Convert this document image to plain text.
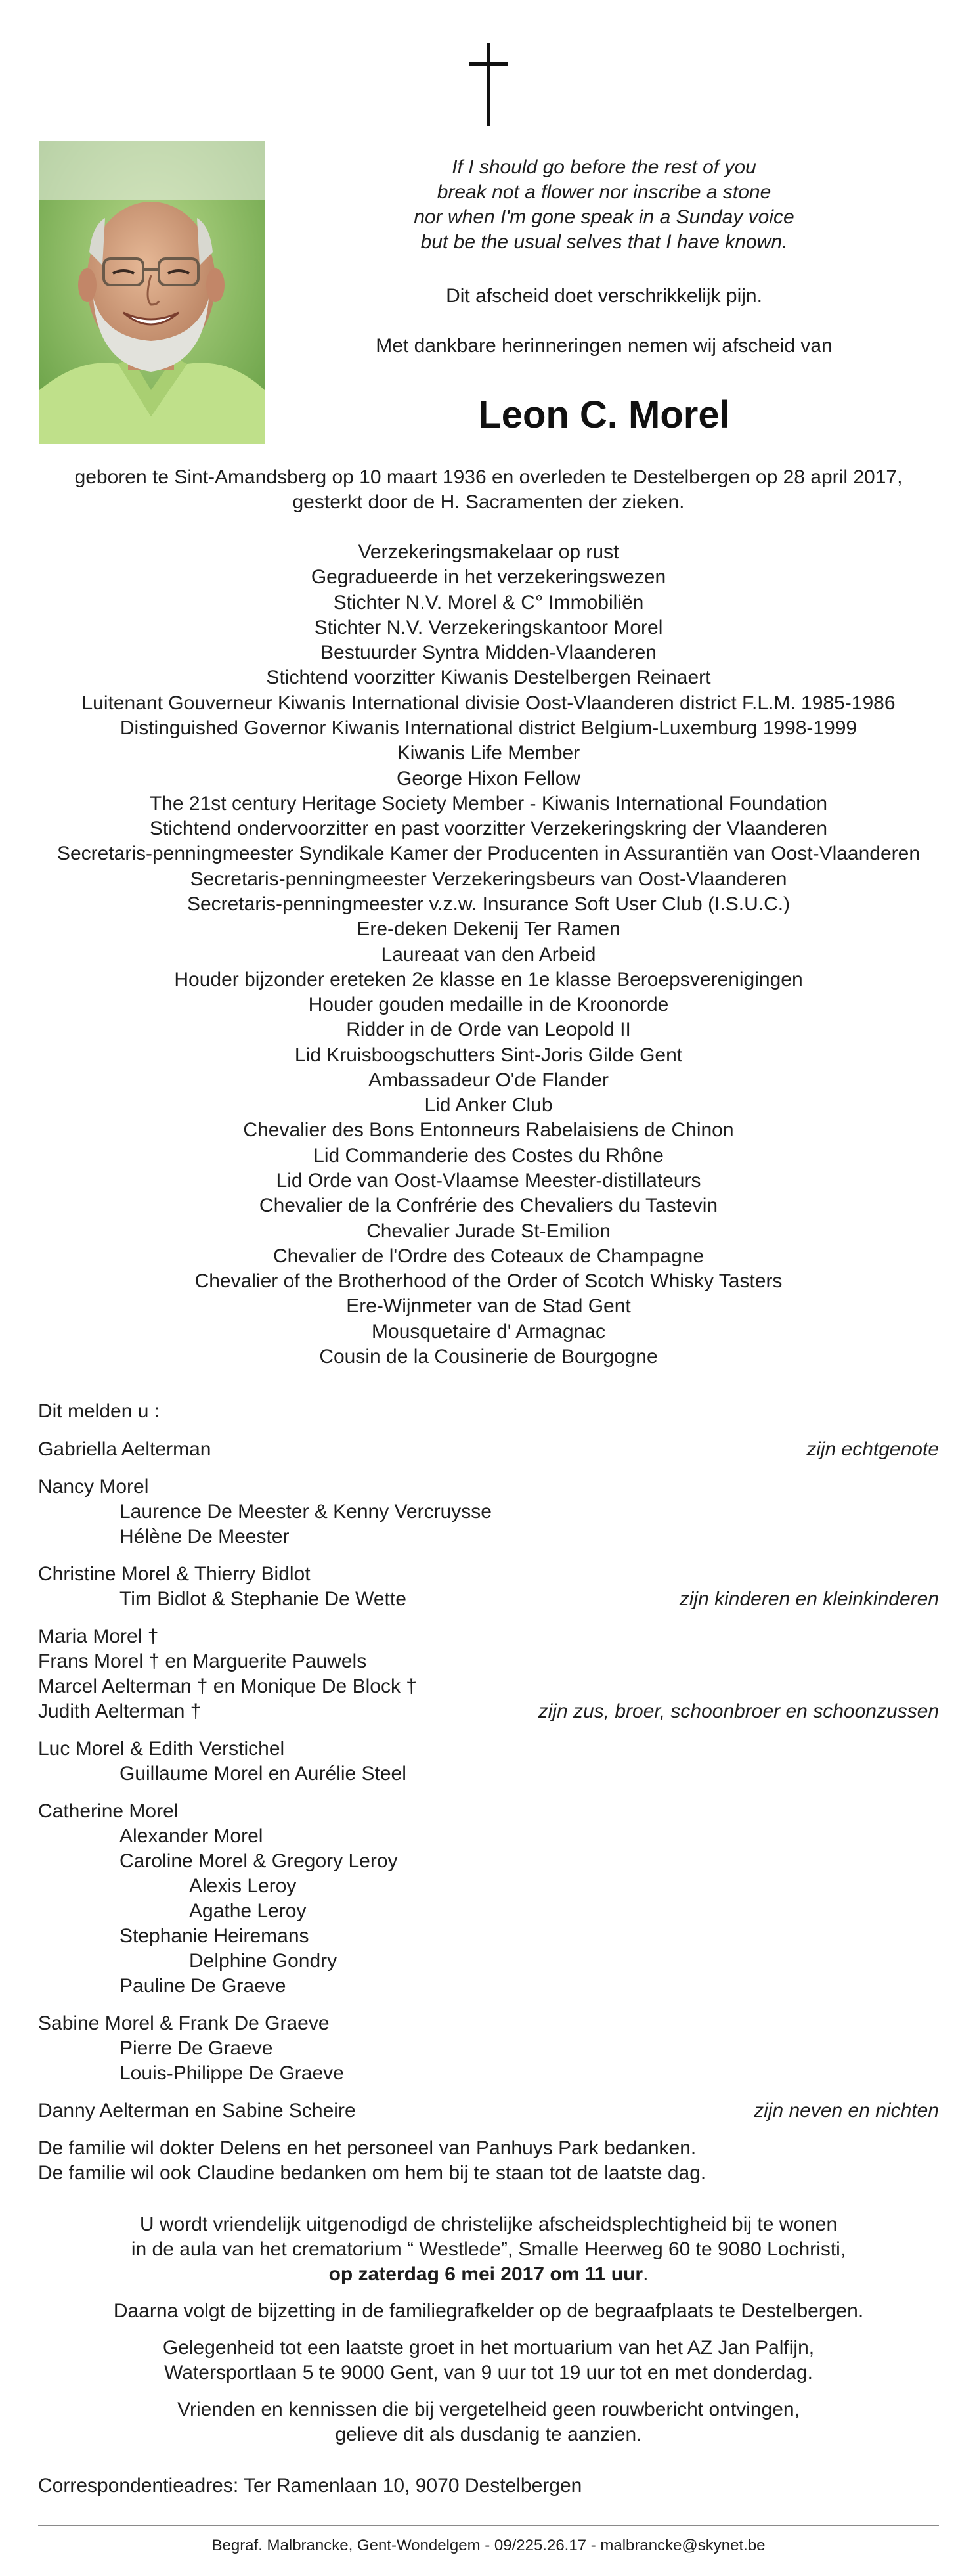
If I should go before the rest of you
break not a flower nor inscribe a stone
nor when I'm gone speak in a Sunday voice
but be the usual selves that I have known.
Dit afscheid doet verschrikkelijk pijn.
Met dankbare herinneringen nemen wij afscheid van
Leon C. Morel
geboren te Sint-Amandsberg op 10 maart 1936 en overleden te Destelbergen op 28 april 2017,
gesterkt door de H. Sacramenten der zieken.
Verzekeringsmakelaar op rust
Gegradueerde in het verzekeringswezen
Stichter N.V. Morel & C° Immobiliën
Stichter N.V. Verzekeringskantoor Morel
Bestuurder Syntra Midden-Vlaanderen
Stichtend voorzitter Kiwanis Destelbergen Reinaert
Luitenant Gouverneur Kiwanis International divisie Oost-Vlaanderen district F.L.M. 1985-1986
Distinguished Governor Kiwanis International district Belgium-Luxemburg 1998-1999
Kiwanis Life Member
George Hixon Fellow
The 21st century Heritage Society Member - Kiwanis International Foundation
Stichtend ondervoorzitter en past voorzitter Verzekeringskring der Vlaanderen
Secretaris-penningmeester Syndikale Kamer der Producenten in Assurantiën van Oost-Vlaanderen
Secretaris-penningmeester Verzekeringsbeurs van Oost-Vlaanderen
Secretaris-penningmeester v.z.w. Insurance Soft User Club (I.S.U.C.)
Ere-deken Dekenij Ter Ramen
Laureaat van den Arbeid
Houder bijzonder ereteken 2e klasse en 1e klasse Beroepsverenigingen
Houder gouden medaille in de Kroonorde
Ridder in de Orde van Leopold II
Lid Kruisboogschutters Sint-Joris Gilde Gent
Ambassadeur O'de Flander
Lid Anker Club
Chevalier des Bons Entonneurs Rabelaisiens de Chinon
Lid Commanderie des Costes du Rhône
Lid Orde van Oost-Vlaamse Meester-distillateurs
Chevalier de la Confrérie des Chevaliers du Tastevin
Chevalier Jurade St-Emilion
Chevalier de l'Ordre des Coteaux de Champagne
Chevalier of the Brotherhood of the Order of Scotch Whisky Tasters
Ere-Wijnmeter van de Stad Gent
Mousquetaire d' Armagnac
Cousin de la Cousinerie de Bourgogne
Dit melden u :
Gabriella Aelterman	zijn echtgenote
Nancy Morel
Laurence De Meester & Kenny Vercruysse
Hélène De Meester
Christine Morel & Thierry Bidlot
Tim Bidlot & Stephanie De Wette	zijn kinderen en kleinkinderen
Maria Morel †
Frans Morel † en Marguerite Pauwels
Marcel Aelterman † en Monique De Block †
Judith Aelterman †	zijn zus, broer, schoonbroer en schoonzussen
Luc Morel & Edith Verstichel
Guillaume Morel en Aurélie Steel
Catherine Morel
Alexander Morel
Caroline Morel & Gregory Leroy
Alexis Leroy
Agathe Leroy
Stephanie Heiremans
Delphine Gondry
Pauline De Graeve
Sabine Morel & Frank De Graeve
Pierre De Graeve
Louis-Philippe De Graeve
Danny Aelterman en Sabine Scheire	zijn neven en nichten
De familie wil dokter Delens en het personeel van Panhuys Park bedanken.
De familie wil ook Claudine bedanken om hem bij te staan tot de laatste dag.
U wordt vriendelijk uitgenodigd de christelijke afscheidsplechtigheid bij te wonen
in de aula van het crematorium “ Westlede”, Smalle Heerweg 60 te 9080 Lochristi,
op zaterdag 6 mei 2017 om 11 uur.
Daarna volgt de bijzetting in de familiegrafkelder op de begraafplaats te Destelbergen.
Gelegenheid tot een laatste groet in het mortuarium van het AZ Jan Palfijn,
Watersportlaan 5 te 9000 Gent, van 9 uur tot 19 uur tot en met donderdag.
Vrienden en kennissen die bij vergetelheid geen rouwbericht ontvingen,
gelieve dit als dusdanig te aanzien.
Correspondentieadres: Ter Ramenlaan 10, 9070 Destelbergen
Begraf. Malbrancke, Gent-Wondelgem - 09/225.26.17 - malbrancke@skynet.be
